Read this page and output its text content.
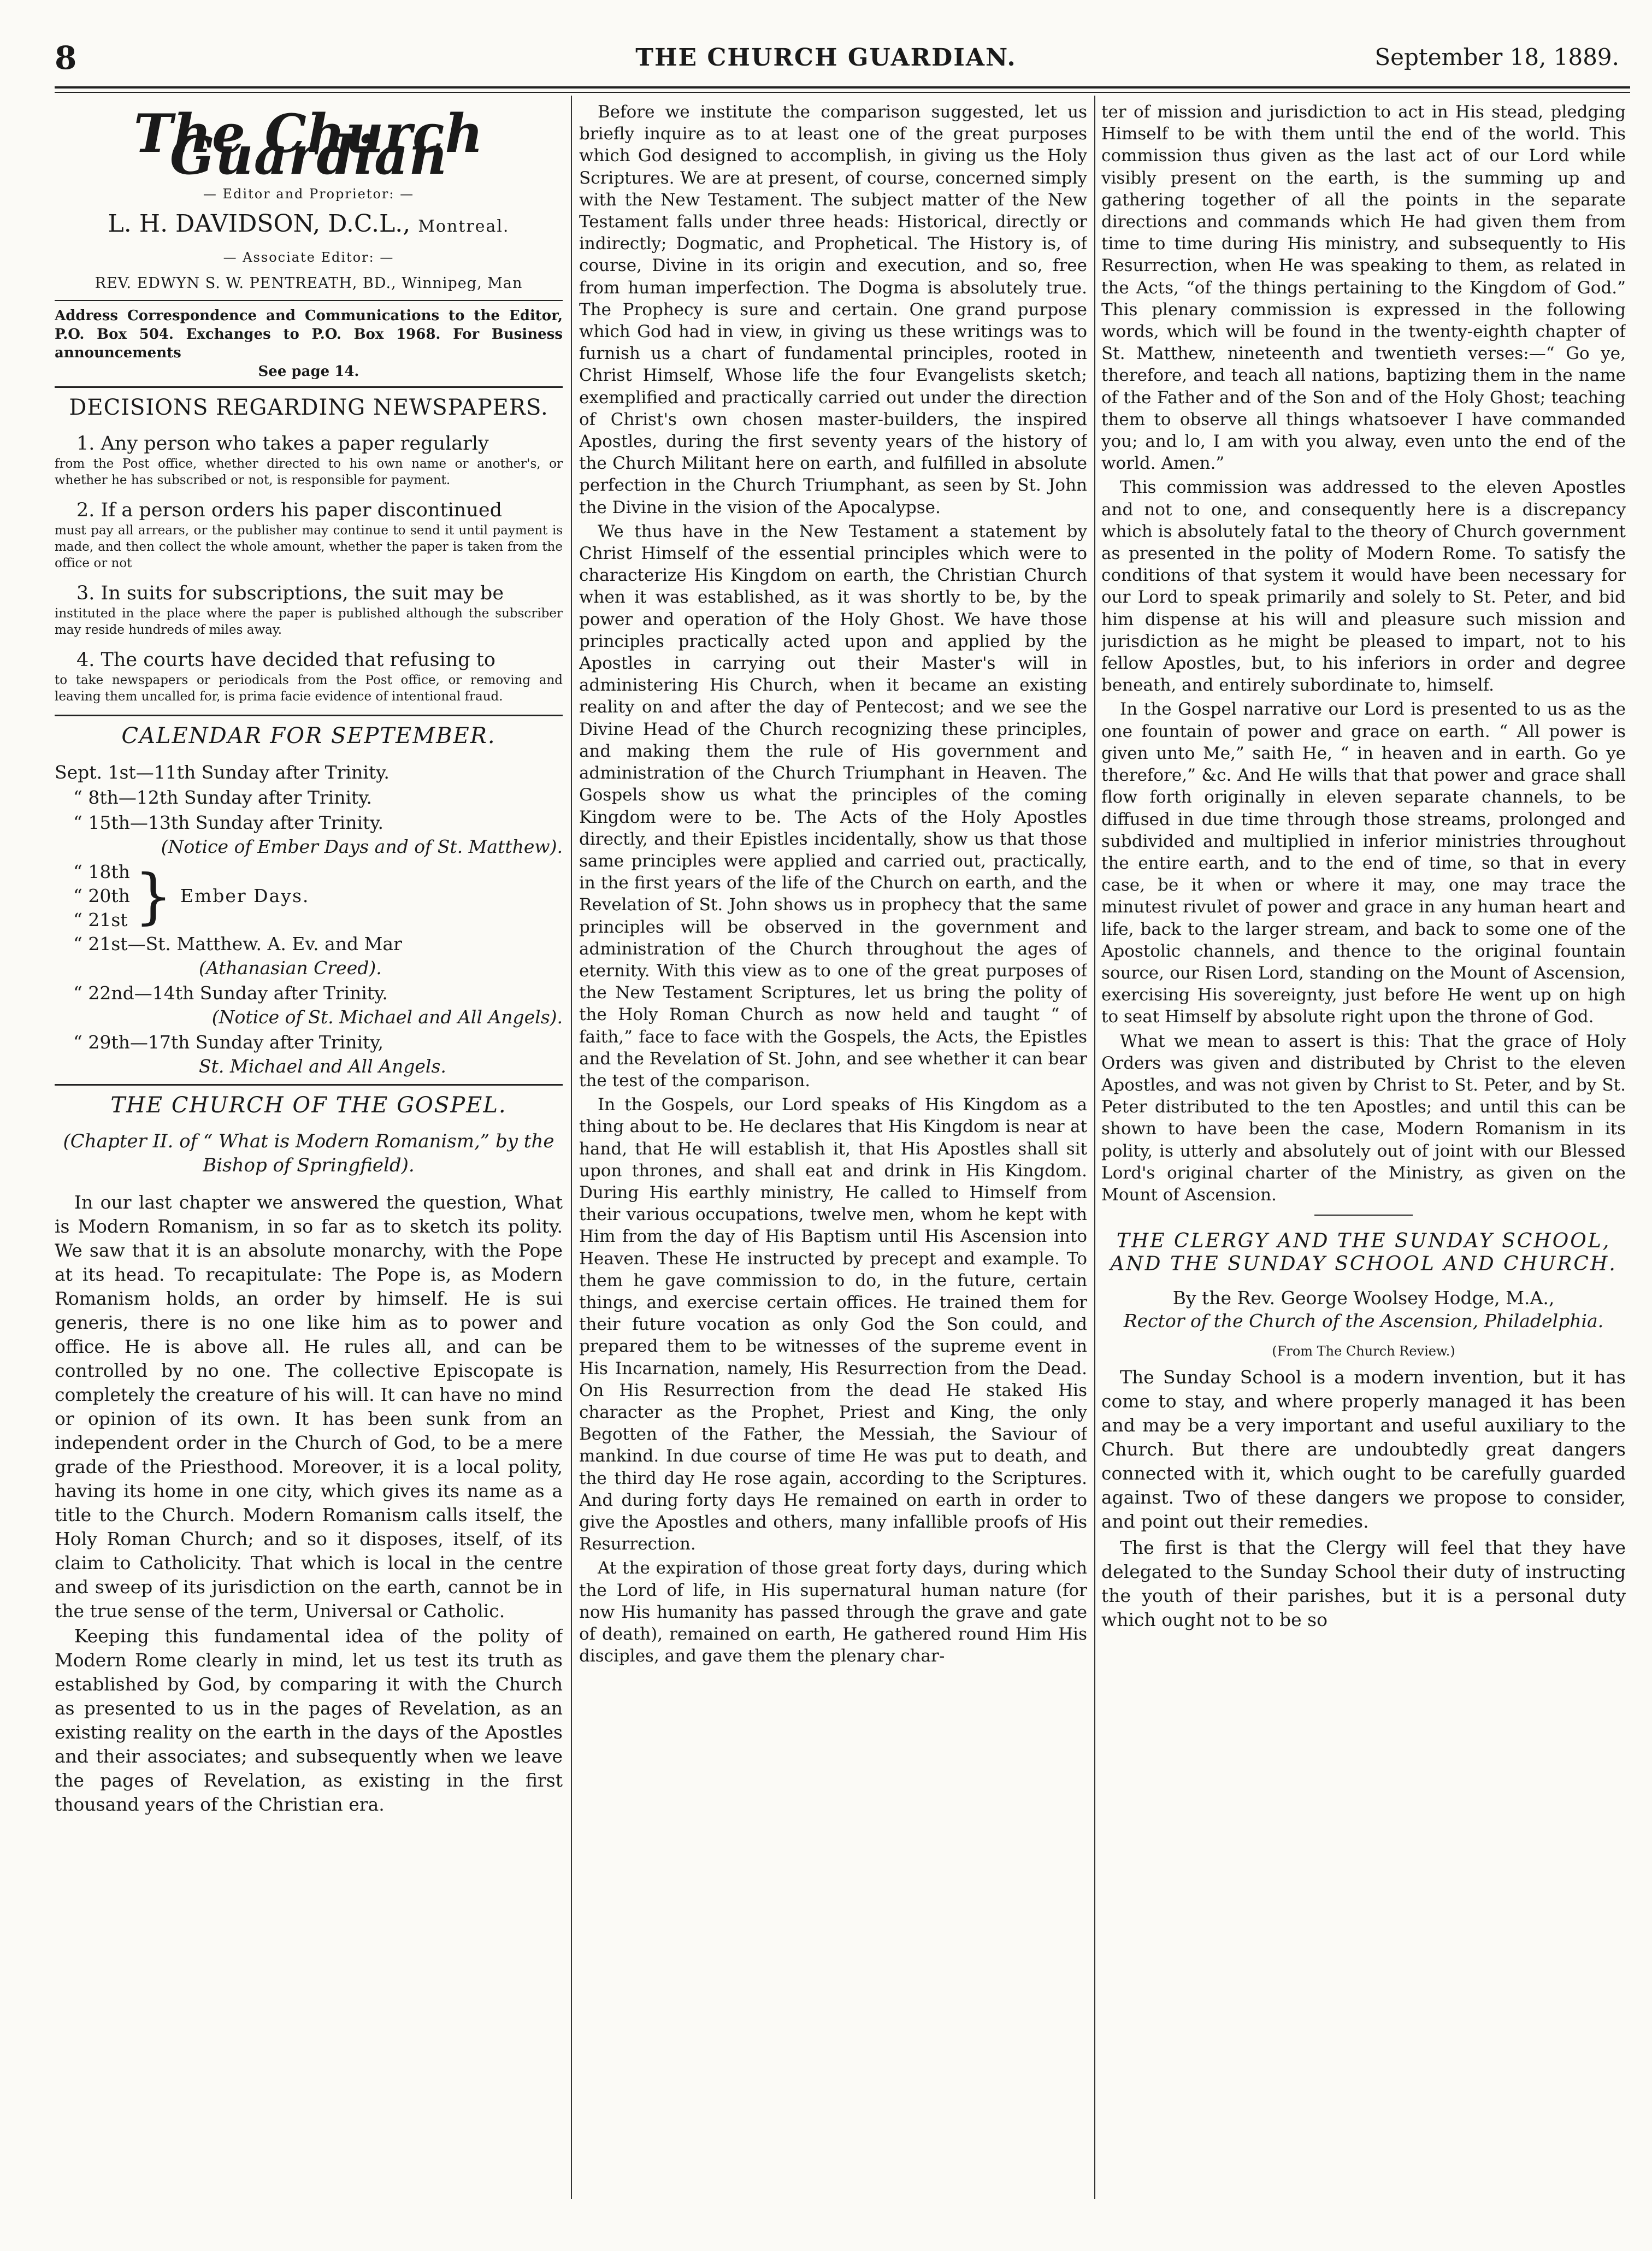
8	THE CHURCH GUARDIAN.	September 18, 1889.
The Church Guardian
— Editor and Proprietor: —
L. H. DAVIDSON, D.C.L., Montreal.
— Associate Editor: —
REV. EDWYN S. W. PENTREATH, BD., Winnipeg, Man
Address Correspondence and Communications to the Editor, P.O. Box 504. Exchanges to P.O. Box 1968. For Business announcements
See page 14.
DECISIONS REGARDING NEWSPAPERS.
1. Any person who takes a paper regularly
from the Post office, whether directed to his own name or another's, or whether he has subscribed or not, is responsible for payment.
2. If a person orders his paper discontinued
must pay all arrears, or the publisher may continue to send it until payment is made, and then collect the whole amount, whether the paper is taken from the office or not
3. In suits for subscriptions, the suit may be
instituted in the place where the paper is published although the subscriber may reside hundreds of miles away.
4. The courts have decided that refusing to
to take newspapers or periodicals from the Post office, or removing and leaving them uncalled for, is prima facie evidence of intentional fraud.
CALENDAR FOR SEPTEMBER.
Sept. 1st—11th Sunday after Trinity.
“ 8th—12th Sunday after Trinity.
“ 15th—13th Sunday after Trinity.
(Notice of Ember Days and of St. Matthew).
“ 18th
“ 20th
“ 21st } Ember Days.
“ 21st—St. Matthew. A. Ev. and Mar
(Athanasian Creed).
“ 22nd—14th Sunday after Trinity.
(Notice of St. Michael and All Angels).
“ 29th—17th Sunday after Trinity,
St. Michael and All Angels.
THE CHURCH OF THE GOSPEL.
(Chapter II. of “ What is Modern Romanism,” by the Bishop of Springfield).

In our last chapter we answered the question, What is Modern Romanism, in so far as to sketch its polity. We saw that it is an absolute monarchy, with the Pope at its head. To recapitulate: The Pope is, as Modern Romanism holds, an order by himself. He is sui generis, there is no one like him as to power and office. He is above all. He rules all, and can be controlled by no one. The collective Episcopate is completely the creature of his will. It can have no mind or opinion of its own. It has been sunk from an independent order in the Church of God, to be a mere grade of the Priesthood. Moreover, it is a local polity, having its home in one city, which gives its name as a title to the Church. Modern Romanism calls itself, the Holy Roman Church; and so it disposes, itself, of its claim to Catholicity. That which is local in the centre and sweep of its jurisdiction on the earth, cannot be in the true sense of the term, Universal or Catholic.

Keeping this fundamental idea of the polity of Modern Rome clearly in mind, let us test its truth as established by God, by comparing it with the Church as presented to us in the pages of Revelation, as an existing reality on the earth in the days of the Apostles and their associates; and subsequently when we leave the pages of Revelation, as existing in the first thousand years of the Christian era.

Before we institute the comparison suggested, let us briefly inquire as to at least one of the great purposes which God designed to accomplish, in giving us the Holy Scriptures. We are at present, of course, concerned simply with the New Testament. The subject matter of the New Testament falls under three heads: Historical, directly or indirectly; Dogmatic, and Prophetical. The History is, of course, Divine in its origin and execution, and so, free from human imperfection. The Dogma is absolutely true. The Prophecy is sure and certain. One grand purpose which God had in view, in giving us these writings was to furnish us a chart of fundamental principles, rooted in Christ Himself, Whose life the four Evangelists sketch; exemplified and practically carried out under the direction of Christ's own chosen master-builders, the inspired Apostles, during the first seventy years of the history of the Church Militant here on earth, and fulfilled in absolute perfection in the Church Triumphant, as seen by St. John the Divine in the vision of the Apocalypse.

We thus have in the New Testament a statement by Christ Himself of the essential principles which were to characterize His Kingdom on earth, the Christian Church when it was established, as it was shortly to be, by the power and operation of the Holy Ghost. We have those principles practically acted upon and applied by the Apostles in carrying out their Master's will in administering His Church, when it became an existing reality on and after the day of Pentecost; and we see the Divine Head of the Church recognizing these principles, and making them the rule of His government and administration of the Church Triumphant in Heaven. The Gospels show us what the principles of the coming Kingdom were to be. The Acts of the Holy Apostles directly, and their Epistles incidentally, show us that those same principles were applied and carried out, practically, in the first years of the life of the Church on earth, and the Revelation of St. John shows us in prophecy that the same principles will be observed in the government and administration of the Church throughout the ages of eternity. With this view as to one of the great purposes of the New Testament Scriptures, let us bring the polity of the Holy Roman Church as now held and taught “ of faith,” face to face with the Gospels, the Acts, the Epistles and the Revelation of St. John, and see whether it can bear the test of the comparison.

In the Gospels, our Lord speaks of His Kingdom as a thing about to be. He declares that His Kingdom is near at hand, that He will establish it, that His Apostles shall sit upon thrones, and shall eat and drink in His Kingdom. During His earthly ministry, He called to Himself from their various occupations, twelve men, whom he kept with Him from the day of His Baptism until His Ascension into Heaven. These He instructed by precept and example. To them he gave commission to do, in the future, certain things, and exercise certain offices. He trained them for their future vocation as only God the Son could, and prepared them to be witnesses of the supreme event in His Incarnation, namely, His Resurrection from the Dead. On His Resurrection from the dead He staked His character as the Prophet, Priest and King, the only Begotten of the Father, the Messiah, the Saviour of mankind. In due course of time He was put to death, and the third day He rose again, according to the Scriptures. And during forty days He remained on earth in order to give the Apostles and others, many infallible proofs of His Resurrection.

At the expiration of those great forty days, during which the Lord of life, in His supernatural human nature (for now His humanity has passed through the grave and gate of death), remained on earth, He gathered round Him His disciples, and gave them the plenary char-

ter of mission and jurisdiction to act in His stead, pledging Himself to be with them until the end of the world. This commission thus given as the last act of our Lord while visibly present on the earth, is the summing up and gathering together of all the points in the separate directions and commands which He had given them from time to time during His ministry, and subsequently to His Resurrection, when He was speaking to them, as related in the Acts, “of the things pertaining to the Kingdom of God.” This plenary commission is expressed in the following words, which will be found in the twenty-eighth chapter of St. Matthew, nineteenth and twentieth verses:—“ Go ye, therefore, and teach all nations, baptizing them in the name of the Father and of the Son and of the Holy Ghost; teaching them to observe all things whatsoever I have commanded you; and lo, I am with you alway, even unto the end of the world. Amen.”

This commission was addressed to the eleven Apostles and not to one, and consequently here is a discrepancy which is absolutely fatal to the theory of Church government as presented in the polity of Modern Rome. To satisfy the conditions of that system it would have been necessary for our Lord to speak primarily and solely to St. Peter, and bid him dispense at his will and pleasure such mission and jurisdiction as he might be pleased to impart, not to his fellow Apostles, but, to his inferiors in order and degree beneath, and entirely subordinate to, himself.

In the Gospel narrative our Lord is presented to us as the one fountain of power and grace on earth. “ All power is given unto Me,” saith He, “ in heaven and in earth. Go ye therefore,” &c. And He wills that that power and grace shall flow forth originally in eleven separate channels, to be diffused in due time through those streams, prolonged and subdivided and multiplied in inferior ministries throughout the entire earth, and to the end of time, so that in every case, be it when or where it may, one may trace the minutest rivulet of power and grace in any human heart and life, back to the larger stream, and back to some one of the Apostolic channels, and thence to the original fountain source, our Risen Lord, standing on the Mount of Ascension, exercising His sovereignty, just before He went up on high to seat Himself by absolute right upon the throne of God.

What we mean to assert is this: That the grace of Holy Orders was given and distributed by Christ to the eleven Apostles, and was not given by Christ to St. Peter, and by St. Peter distributed to the ten Apostles; and until this can be shown to have been the case, Modern Romanism in its polity, is utterly and absolutely out of joint with our Blessed Lord's original charter of the Ministry, as given on the Mount of Ascension.

THE CLERGY AND THE SUNDAY SCHOOL, AND THE SUNDAY SCHOOL AND CHURCH.
By the Rev. George Woolsey Hodge, M.A.,
Rector of the Church of the Ascension, Philadelphia.
(From The Church Review.)

The Sunday School is a modern invention, but it has come to stay, and where properly managed it has been and may be a very important and useful auxiliary to the Church. But there are undoubtedly great dangers connected with it, which ought to be carefully guarded against. Two of these dangers we propose to consider, and point out their remedies.

The first is that the Clergy will feel that they have delegated to the Sunday School their duty of instructing the youth of their parishes, but it is a personal duty which ought not to be so
